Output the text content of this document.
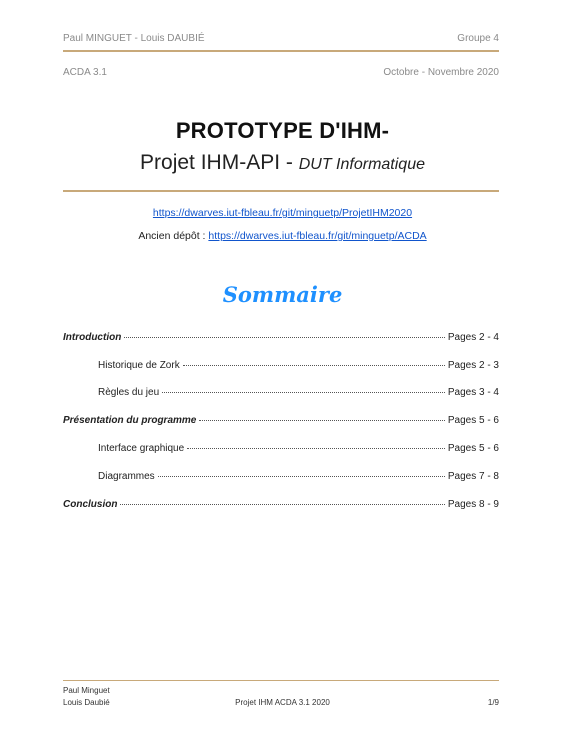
Paul MINGUET - Louis DAUBIÉ	Groupe 4
ACDA 3.1	Octobre - Novembre 2020
PROTOTYPE D'IHM-
Projet IHM-API - DUT Informatique
https://dwarves.iut-fbleau.fr/git/minguetp/ProjetIHM2020
Ancien dépôt : https://dwarves.iut-fbleau.fr/git/minguetp/ACDA
Sommaire
Introduction	Pages 2 - 4
Historique de Zork	Pages 2 - 3
Règles du jeu	Pages 3 - 4
Présentation du programme	Pages 5 - 6
Interface graphique	Pages 5 - 6
Diagrammes	Pages 7 - 8
Conclusion	Pages 8 - 9
Paul Minguet
Louis Daubié	Projet IHM ACDA 3.1 2020	1/9
